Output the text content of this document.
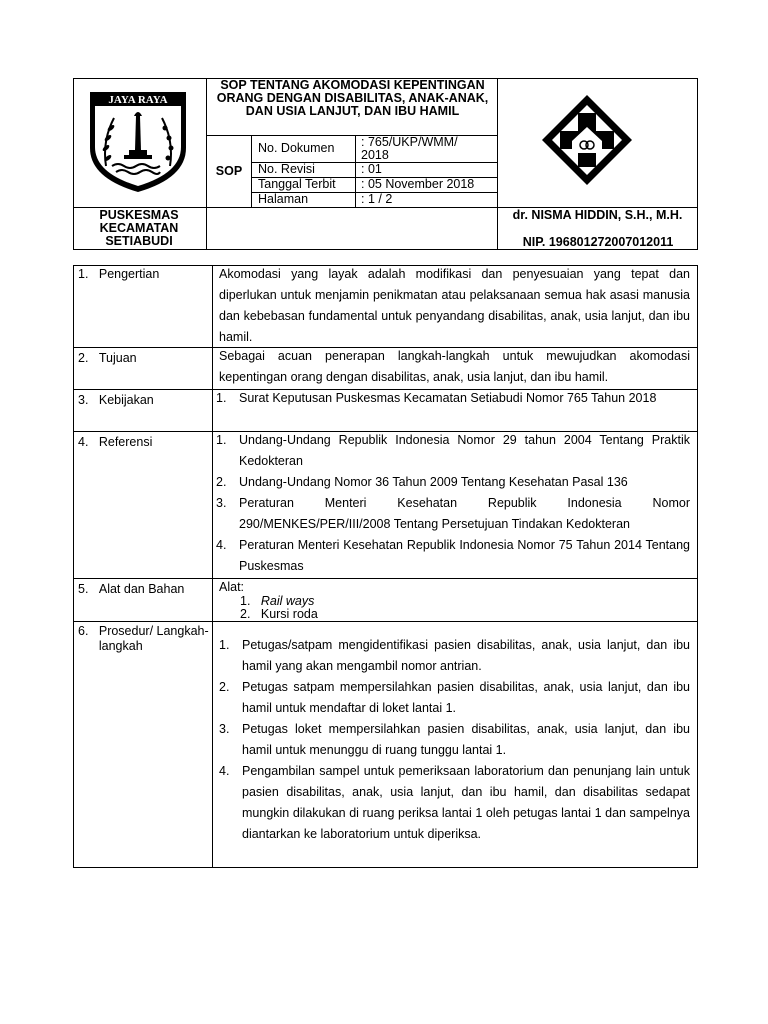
JAYA RAYA
SOP TENTANG AKOMODASI KEPENTINGAN ORANG DENGAN DISABILITAS, ANAK-ANAK, DAN USIA LANJUT, DAN IBU HAMIL
SOP
No. Dokumen : 765/UKP/WMM/ 2018
No. Revisi	: 01
Tanggal Terbit : 05 November 2018
Halaman	: 1 / 2
PUSKESMAS KECAMATAN SETIABUDI
dr. NISMA HIDDIN, S.H., M.H.
NIP. 196801272007012011
1. Pengertian	Akomodasi yang layak adalah modifikasi dan penyesuaian yang tepat dan diperlukan untuk menjamin penikmatan atau pelaksanaan semua hak asasi manusia dan kebebasan fundamental untuk penyandang disabilitas, anak, usia lanjut, dan ibu hamil.
2. Tujuan	Sebagai acuan penerapan langkah-langkah untuk mewujudkan akomodasi kepentingan orang dengan disabilitas, anak, usia lanjut, dan ibu hamil.
3. Kebijakan	1. Surat Keputusan Puskesmas Kecamatan Setiabudi Nomor 765 Tahun 2018
4. Referensi	1. Undang-Undang Republik Indonesia Nomor 29 tahun 2004 Tentang Praktik Kedokteran
2. Undang-Undang Nomor 36 Tahun 2009 Tentang Kesehatan Pasal 136
3. Peraturan Menteri Kesehatan Republik Indonesia Nomor 290/MENKES/PER/III/2008 Tentang Persetujuan Tindakan Kedokteran
4. Peraturan Menteri Kesehatan Republik Indonesia Nomor 75 Tahun 2014 Tentang Puskesmas
5. Alat dan Bahan	Alat:
1. Rail ways
2. Kursi roda
6. Prosedur/ Langkah-langkah	1. Petugas/satpam mengidentifikasi pasien disabilitas, anak, usia lanjut, dan ibu hamil yang akan mengambil nomor antrian.
2. Petugas satpam mempersilahkan pasien disabilitas, anak, usia lanjut, dan ibu hamil untuk mendaftar di loket lantai 1.
3. Petugas loket mempersilahkan pasien disabilitas, anak, usia lanjut, dan ibu hamil untuk menunggu di ruang tunggu lantai 1.
4. Pengambilan sampel untuk pemeriksaan laboratorium dan penunjang lain untuk pasien disabilitas, anak, usia lanjut, dan ibu hamil, dan disabilitas sedapat mungkin dilakukan di ruang periksa lantai 1 oleh petugas lantai 1 dan sampelnya diantarkan ke laboratorium untuk diperiksa.
